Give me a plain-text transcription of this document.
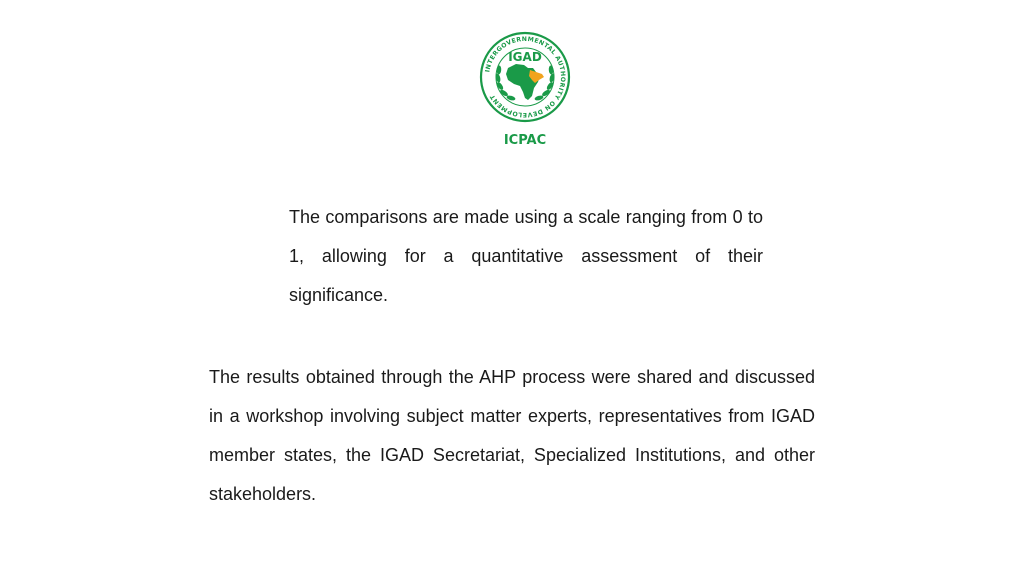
INTERGOVERNMENTAL AUTHORITY ON DEVELOPMENT
IGAD
ICPAC

The comparisons are made using a scale ranging from 0 to 1, allowing for a quantitative assessment of their significance.

The results obtained through the AHP process were shared and discussed in a workshop involving subject matter experts, representatives from IGAD member states, the IGAD Secretariat, Specialized Institutions, and other stakeholders.
